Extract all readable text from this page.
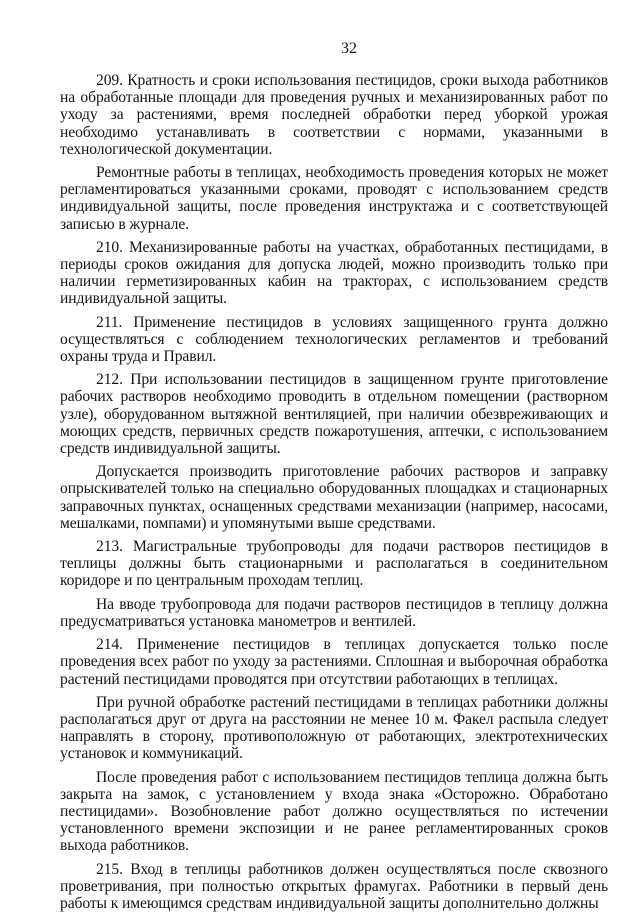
32

209. Кратность и сроки использования пестицидов, сроки выхода работников на обработанные площади для проведения ручных и механизированных работ по уходу за растениями, время последней обработки перед уборкой урожая необходимо устанавливать в соответствии с нормами, указанными в технологической документации.

Ремонтные работы в теплицах, необходимость проведения которых не может регламентироваться указанными сроками, проводят с использованием средств индивидуальной защиты, после проведения инструктажа и с соответствующей записью в журнале.

210. Механизированные работы на участках, обработанных пестицидами, в периоды сроков ожидания для допуска людей, можно производить только при наличии герметизированных кабин на тракторах, с использованием средств индивидуальной защиты.

211. Применение пестицидов в условиях защищенного грунта должно осуществляться с соблюдением технологических регламентов и требований охраны труда и Правил.

212. При использовании пестицидов в защищенном грунте приготовление рабочих растворов необходимо проводить в отдельном помещении (растворном узле), оборудованном вытяжной вентиляцией, при наличии обезвреживающих и моющих средств, первичных средств пожаротушения, аптечки, с использованием средств индивидуальной защиты.

Допускается производить приготовление рабочих растворов и заправку опрыскивателей только на специально оборудованных площадках и стационарных заправочных пунктах, оснащенных средствами механизации (например, насосами, мешалками, помпами) и упомянутыми выше средствами.

213. Магистральные трубопроводы для подачи растворов пестицидов в теплицы должны быть стационарными и располагаться в соединительном коридоре и по центральным проходам теплиц.

На вводе трубопровода для подачи растворов пестицидов в теплицу должна предусматриваться установка манометров и вентилей.

214. Применение пестицидов в теплицах допускается только после проведения всех работ по уходу за растениями. Сплошная и выборочная обработка растений пестицидами проводятся при отсутствии работающих в теплицах.

При ручной обработке растений пестицидами в теплицах работники должны располагаться друг от друга на расстоянии не менее 10 м. Факел распыла следует направлять в сторону, противоположную от работающих, электротехнических установок и коммуникаций.

После проведения работ с использованием пестицидов теплица должна быть закрыта на замок, с установлением у входа знака «Осторожно. Обработано пестицидами». Возобновление работ должно осуществляться по истечении установленного времени экспозиции и не ранее регламентированных сроков выхода работников.

215. Вход в теплицы работников должен осуществляться после сквозного проветривания, при полностью открытых фрамугах. Работники в первый день работы к имеющимся средствам индивидуальной защиты дополнительно должны
